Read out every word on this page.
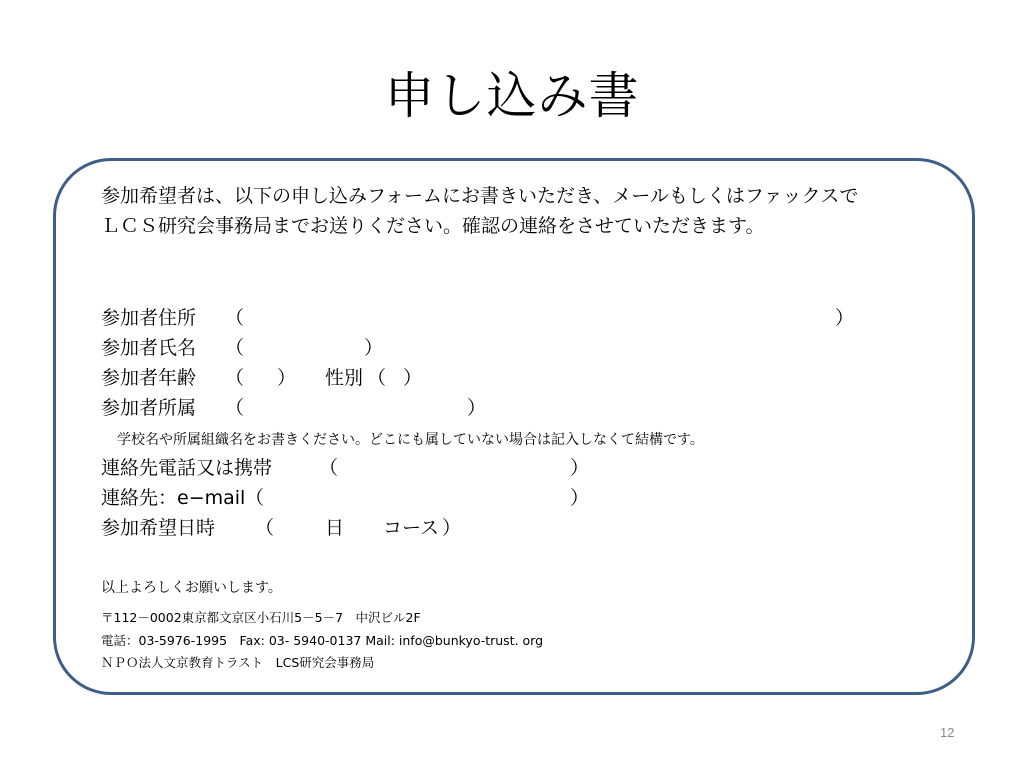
申し込み書
参加希望者は、以下の申し込みフォームにお書きいただき、メールもしくはファックスで
ＬＣＳ研究会事務局までお送りください。確認の連絡をさせていただきます。
参加者住所 （	）
参加者氏名 （	）
参加者年齢 （ ） 性別 （ ）
参加者所属 （	）
学校名や所属組織名をお書きください。どこにも属していない場合は記入しなくて結構です。
連絡先電話又は携帯 （	）
連絡先：e−mail （	）
参加希望日時 （	日 コース ）
以上よろしくお願いします。
〒112－0002東京都文京区小石川5－5－7　中沢ビル2F
電話：03-5976-1995　Fax: 03- 5940-0137 Mail: info@bunkyo-trust. org
ＮＰＯ法人文京教育トラスト　LCS研究会事務局
12
